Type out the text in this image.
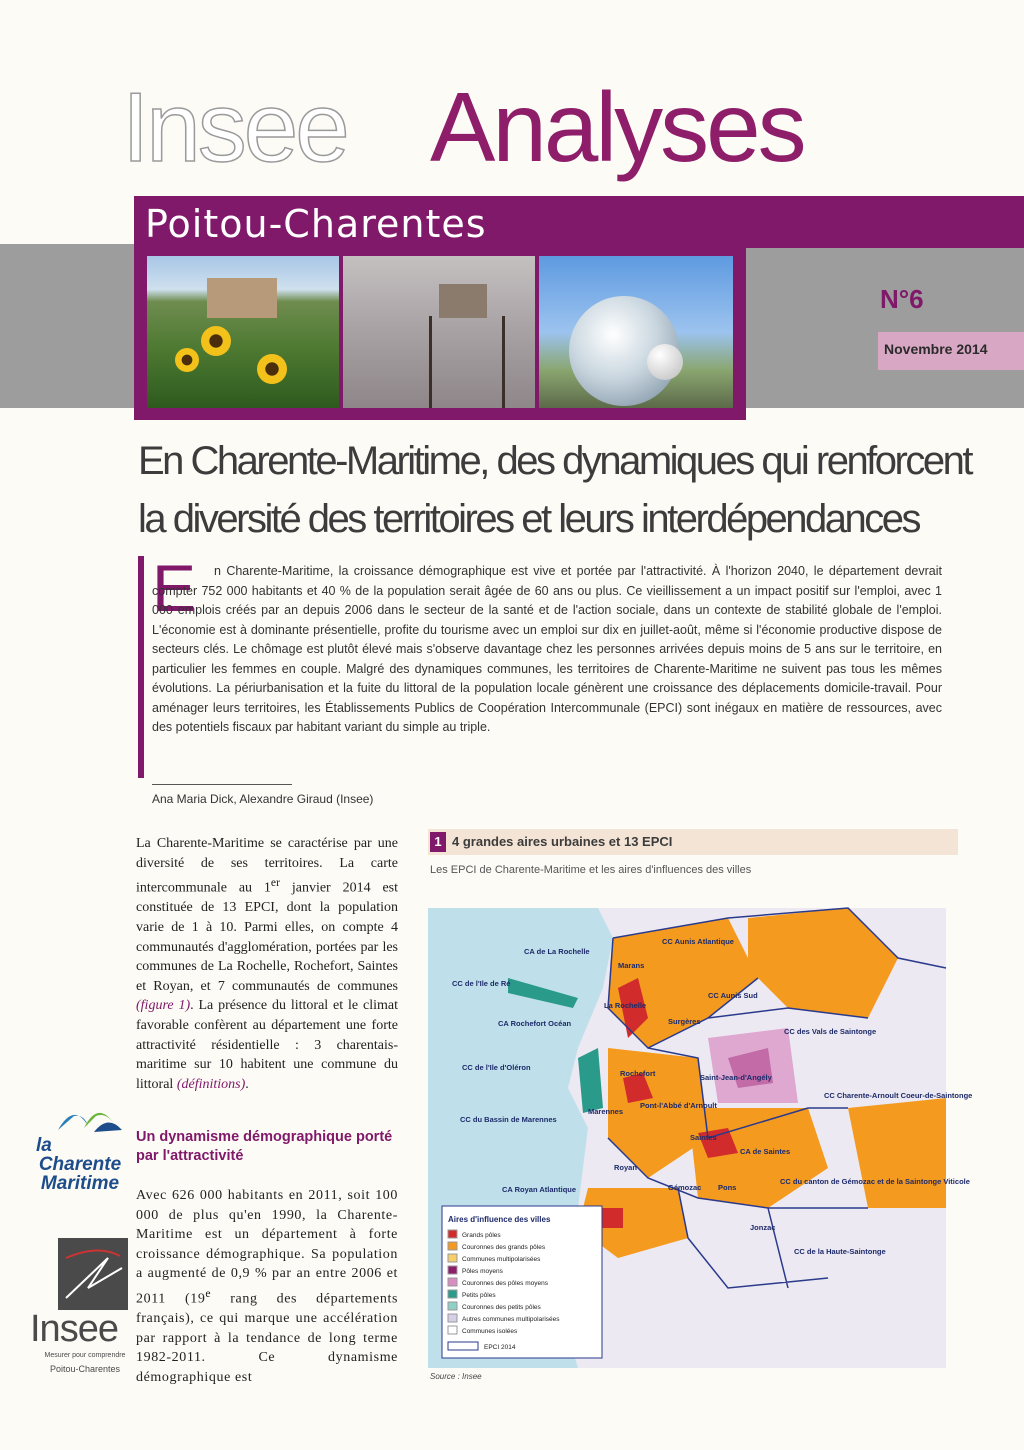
Insee Analyses
Poitou-Charentes
N°6
Novembre 2014
En Charente-Maritime, des dynamiques qui renforcent
la diversité des territoires et leurs interdépendances
E	n Charente-Maritime, la croissance démographique est vive et portée par l'attractivité. À l'horizon 2040, le département devrait compter 752 000 habitants et 40 % de la population serait âgée de 60 ans ou plus. Ce vieillissement a un impact positif sur l'emploi, avec 1 000 emplois créés par an depuis 2006 dans le secteur de la santé et de l'action sociale, dans un contexte de stabilité globale de l'emploi. L'économie est à dominante présentielle, profite du tourisme avec un emploi sur dix en juillet-août, même si l'économie productive dispose de secteurs clés. Le chômage est plutôt élevé mais s'observe davantage chez les personnes arrivées depuis moins de 5 ans sur le territoire, en particulier les femmes en couple. Malgré des dynamiques communes, les territoires de Charente-Maritime ne suivent pas tous les mêmes évolutions. La périurbanisation et la fuite du littoral de la population locale génèrent une croissance des déplacements domicile-travail. Pour aménager leurs territoires, les Établissements Publics de Coopération Intercommunale (EPCI) sont inégaux en matière de ressources, avec des potentiels fiscaux par habitant variant du simple au triple.
Ana Maria Dick, Alexandre Giraud (Insee)
La Charente-Maritime se caractérise par une diversité de ses territoires. La carte intercommunale au 1er janvier 2014 est constituée de 13 EPCI, dont la population varie de 1 à 10. Parmi elles, on compte 4 communautés d'agglomération, portées par les communes de La Rochelle, Rochefort, Saintes et Royan, et 7 communautés de communes (figure 1). La présence du littoral et le climat favorable confèrent au département une forte attractivité résidentielle : 3 charentais-maritime sur 10 habitent une commune du littoral (définitions).
Un dynamisme démographique porté par l'attractivité
Avec 626 000 habitants en 2011, soit 100 000 de plus qu'en 1990, la Charente-Maritime est un département à forte croissance démographique. Sa population a augmenté de 0,9 % par an entre 2006 et 2011 (19e rang des départements français), ce qui marque une accélération par rapport à la tendance de long terme 1982-2011. Ce dynamisme démographique est
la
Charente
Maritime
Insee
Mesurer pour comprendre
Poitou-Charentes
1 4 grandes aires urbaines et 13 EPCI
Les EPCI de Charente-Maritime et les aires d'influences des villes
CA de La Rochelle
CC Aunis Atlantique
CC de l'Ile de Ré
Marans
CC Aunis Sud
La Rochelle
Surgères
CA Rochefort Océan
CC des Vals de Saintonge
CC de l'Ile d'Oléron
Rochefort	Saint-Jean-d'Angély
Pont-l'Abbé d'Arnoult
CC du Bassin de Marennes
Marennes
CC Charente-Arnoult Coeur-de-Saintonge
Saintes
CA de Saintes
Royan
CC du canton de Gémozac et de la Saintonge Viticole
CA Royan Atlantique	Gémozac Pons
Jonzac
CC de la Haute-Saintonge
Aires d'influence des villes
Grands pôles
Couronnes des grands pôles
Communes multipolarisées
Pôles moyens
Couronnes des pôles moyens
Petits pôles
Couronnes des petits pôles
Autres communes multipolarisées
Communes isolées
EPCI 2014
Source : Insee
